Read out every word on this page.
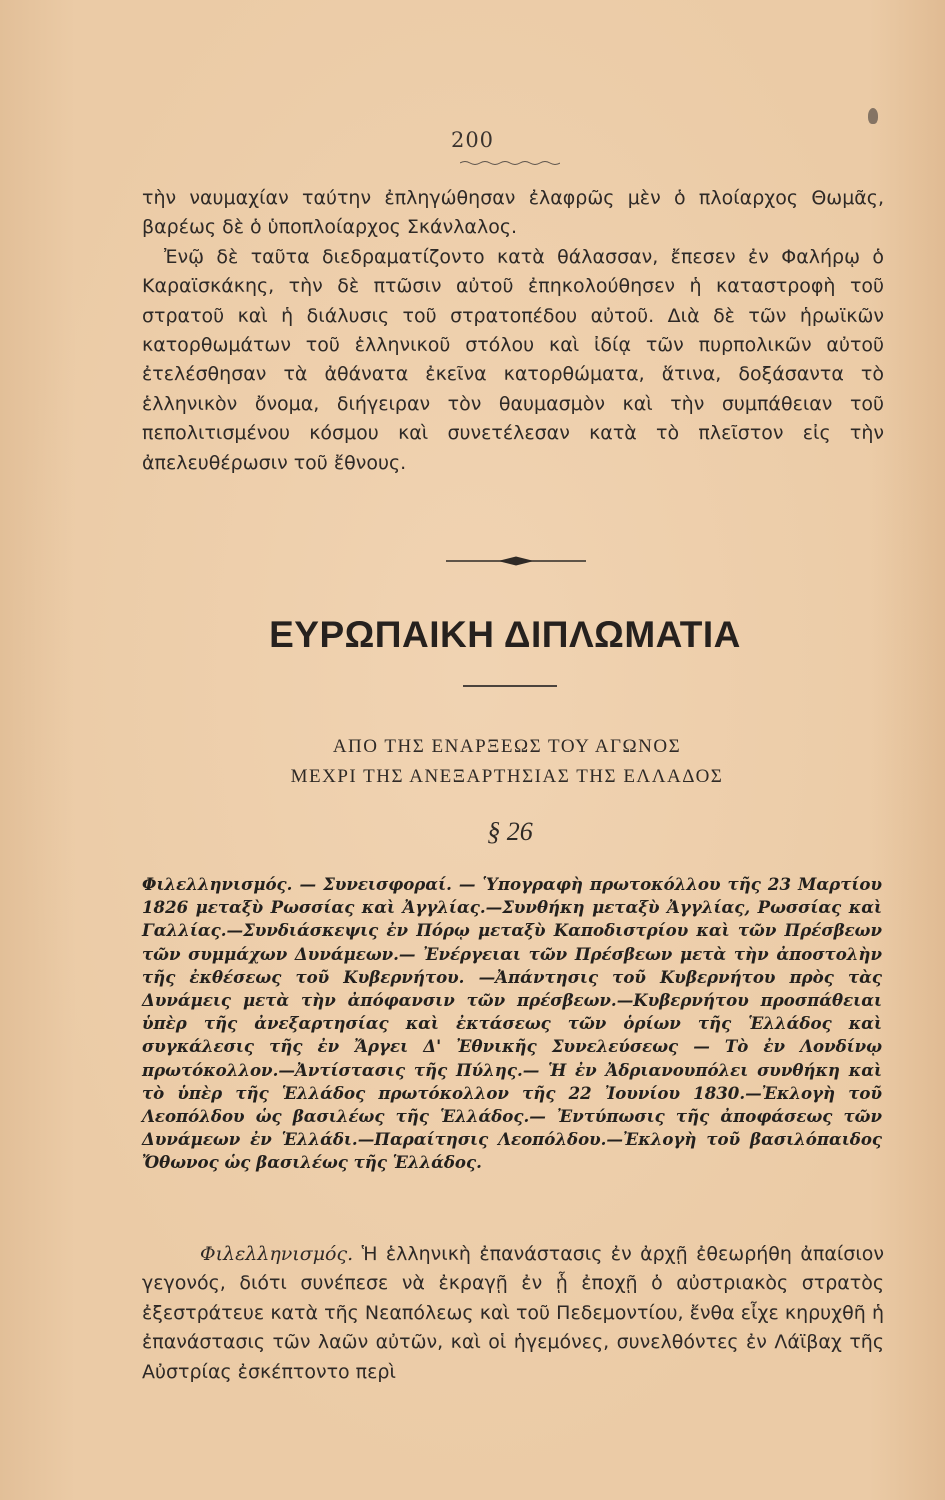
200

τὴν ναυμαχίαν ταύτην ἐπληγώθησαν ἐλαφρῶς μὲν ὁ πλοίαρχος Θωμᾶς, βαρέως δὲ ὁ ὑποπλοίαρχος Σκάνλαλος.

Ἐνῷ δὲ ταῦτα διεδραματίζοντο κατὰ θάλασσαν, ἔπεσεν ἐν Φαλήρῳ ὁ Καραϊσκάκης, τὴν δὲ πτῶσιν αὐτοῦ ἐπηκολούθησεν ἡ καταστροφὴ τοῦ στρατοῦ καὶ ἡ διάλυσις τοῦ στρατοπέδου αὐτοῦ. Διὰ δὲ τῶν ἡρωϊκῶν κατορθωμάτων τοῦ ἑλληνικοῦ στόλου καὶ ἰδίᾳ τῶν πυρπολικῶν αὐτοῦ ἐτελέσθησαν τὰ ἀθάνατα ἐκεῖνα κατορθώματα, ἅτινα, δοξάσαντα τὸ ἑλληνικὸν ὄνομα, διήγειραν τὸν θαυμασμὸν καὶ τὴν συμπάθειαν τοῦ πεπολιτισμένου κόσμου καὶ συνετέλεσαν κατὰ τὸ πλεῖστον εἰς τὴν ἀπελευθέρωσιν τοῦ ἔθνους.

ΕΥΡΩΠΑΙΚΗ ΔΙΠΛΩΜΑΤΙΑ
ΑΠΟ ΤΗΣ ΕΝΑΡΞΕΩΣ ΤΟΥ ΑΓΩΝΟΣ
ΜΕΧΡΙ ΤΗΣ ΑΝΕΞΑΡΤΗΣΙΑΣ ΤΗΣ ΕΛΛΑΔΟΣ
§ 26

Φιλελληνισμός. — Συνεισφοραί. — Ὑπογραφὴ πρωτοκόλλου τῆς 23 Μαρτίου 1826 μεταξὺ Ρωσσίας καὶ Ἀγγλίας.—Συνθήκη μεταξὺ Ἀγγλίας, Ρωσσίας καὶ Γαλλίας.—Συνδιάσκεψις ἐν Πόρῳ μεταξὺ Καποδιστρίου καὶ τῶν Πρέσβεων τῶν συμμάχων Δυνάμεων.— Ἐνέργειαι τῶν Πρέσβεων μετὰ τὴν ἀποστολὴν τῆς ἐκθέσεως τοῦ Κυβερνήτου. —Ἀπάντησις τοῦ Κυβερνήτου πρὸς τὰς Δυνάμεις μετὰ τὴν ἀπόφανσιν τῶν πρέσβεων.—Κυβερνήτου προσπάθειαι ὑπὲρ τῆς ἀνεξαρτησίας καὶ ἐκτάσεως τῶν ὁρίων τῆς Ἑλλάδος καὶ συγκάλεσις τῆς ἐν Ἄργει Δ' Ἐθνικῆς Συνελεύσεως — Τὸ ἐν Λονδίνῳ πρωτόκολλον.—Ἀντίστασις τῆς Πύλης.— Ἡ ἐν Ἀδριανουπόλει συνθήκη καὶ τὸ ὑπὲρ τῆς Ἑλλάδος πρωτόκολλον τῆς 22 Ἰουνίου 1830.—Ἐκλογὴ τοῦ Λεοπόλδου ὡς βασιλέως τῆς Ἑλλάδος.— Ἐντύπωσις τῆς ἀποφάσεως τῶν Δυνάμεων ἐν Ἑλλάδι.—Παραίτησις Λεοπόλδου.—Ἐκλογὴ τοῦ βασιλόπαιδος Ὄθωνος ὡς βασιλέως τῆς Ἑλλάδος.

Φιλελληνισμός. Ἡ ἑλληνικὴ ἐπανάστασις ἐν ἀρχῇ ἐθεωρήθη ἀπαίσιον γεγονός, διότι συνέπεσε νὰ ἐκραγῇ ἐν ᾗ ἐποχῇ ὁ αὐστριακὸς στρατὸς ἐξεστράτευε κατὰ τῆς Νεαπόλεως καὶ τοῦ Πεδεμοντίου, ἔνθα εἶχε κηρυχθῆ ἡ ἐπανάστασις τῶν λαῶν αὐτῶν, καὶ οἱ ἡγεμόνες, συνελθόντες ἐν Λάϊβαχ τῆς Αὐστρίας ἐσκέπτοντο περὶ
